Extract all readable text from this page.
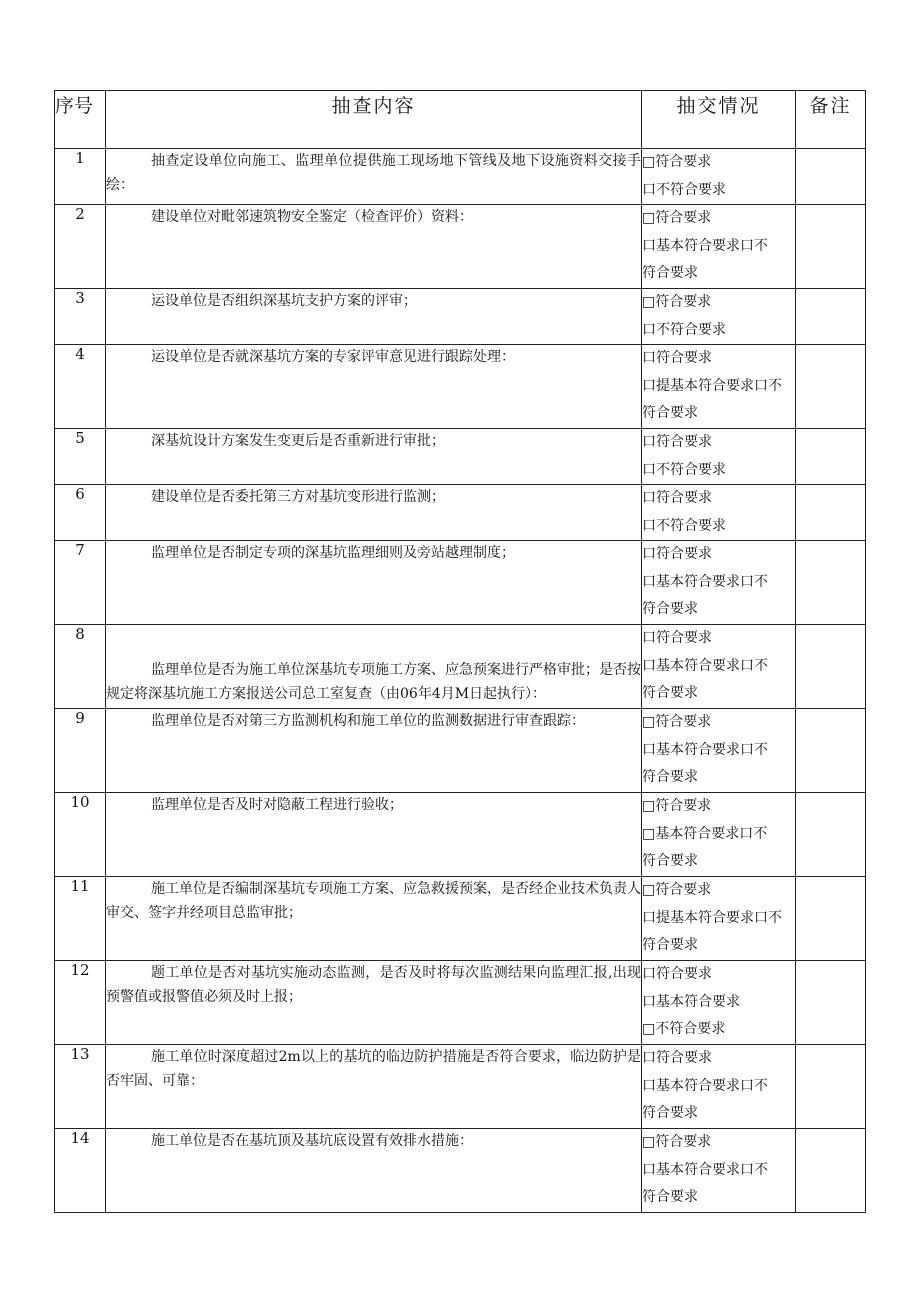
序号	抽查内容	抽交情况	备注
1	抽查定设单位向施工、监理单位提供施工现场地下管线及地下设施资料交接手绘：	□符合要求
口不符合要求	

2	建设单位对毗邻速筑物安全鉴定（检查评价）资料：	□符合要求
口基本符合要求口不
符合要求	

3	运设单位是否组织深基坑支护方案的评审；	□符合要求
口不符合要求	

4	运设单位是否就深基坑方案的专家评审意见进行跟踪处理：	口符合要求
口提基本符合要求口不
符合要求	

5	深基炕设计方案发生变更后是否重新进行审批；	口符合要求
口不符合要求	

6	建设单位是否委托第三方对基坑变形进行监测；	口符合要求
口不符合要求	

7	监理单位是否制定专项的深基坑监理细则及旁站越理制度；	口符合要求
口基本符合要求口不
符合要求	

8	监理单位是否为施工单位深基坑专项施工方案、应急预案进行严格审批；是否按规定将深基坑施工方案报送公司总工室复查（由06年4月M日起执行）：	口符合要求
口基本符合要求口不
符合要求	

9	监理单位是否对第三方监测机构和施工单位的监测数据进行审查跟踪：	□符合要求
口基本符合要求口不
符合要求	

10	监理单位是否及时对隐蔽工程进行验收；	□符合要求
□基本符合要求口不
符合要求	

11	施工单位是否编制深基坑专项施工方案、应急救援预案，是否经企业技术负责人审交、签字并经项目总监审批；	□符合要求
口提基本符合要求口不
符合要求	

12	题工单位是否对基坑实施动态监测，是否及时将每次监测结果向监理汇报,出现预警值或报警值必须及时上报；	口符合要求
口基本符合要求
□不符合要求	

13	施工单位时深度超过2m以上的基坑的临边防护措施是否符合要求，临边防护是否牢固、可靠：	口符合要求
口基本符合要求口不
符合要求	

14	施工单位是否在基坑顶及基坑底设置有效排水措施：	□符合要求
口基本符合要求口不
符合要求	
